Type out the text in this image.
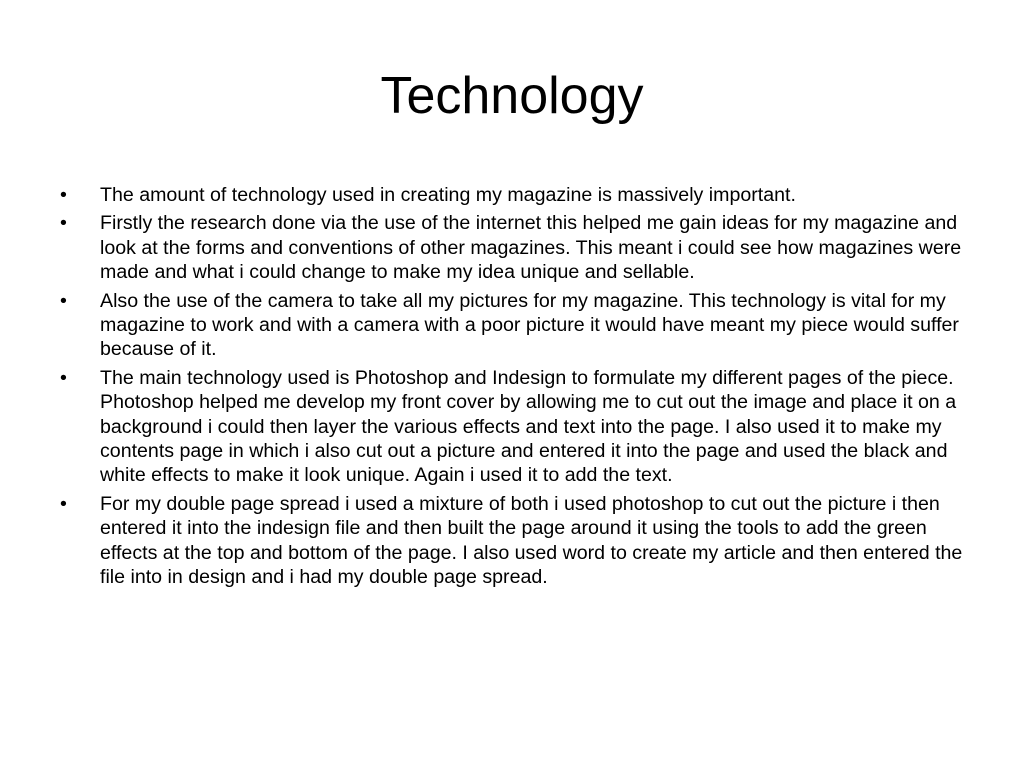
Technology
•	The amount of technology used in creating my magazine is massively important.
•	Firstly the research done via the use of the internet this helped me gain ideas for my magazine and look at the forms and conventions of other magazines. This meant i could see how magazines were made and what i could change to make my idea unique and sellable.
•	Also the use of the camera to take all my pictures for my magazine. This technology is vital for my magazine to work and with a camera with a poor picture it would have meant my piece would suffer because of it.
•	The main technology used is Photoshop and Indesign to formulate my different pages of the piece. Photoshop helped me develop my front cover by allowing me to cut out the image and place it on a background i could then layer the various effects and text into the page. I also used it to make my contents page in which i also cut out a picture and entered it into the page and used the black and white effects to make it look unique. Again i used it to add the text.
•	For my double page spread i used a mixture of both i used photoshop to cut out the picture i then entered it into the indesign file and then built the page around it using the tools to add the green effects at the top and bottom of the page. I also used word to create my article and then entered the file into in design and i had my double page spread.
